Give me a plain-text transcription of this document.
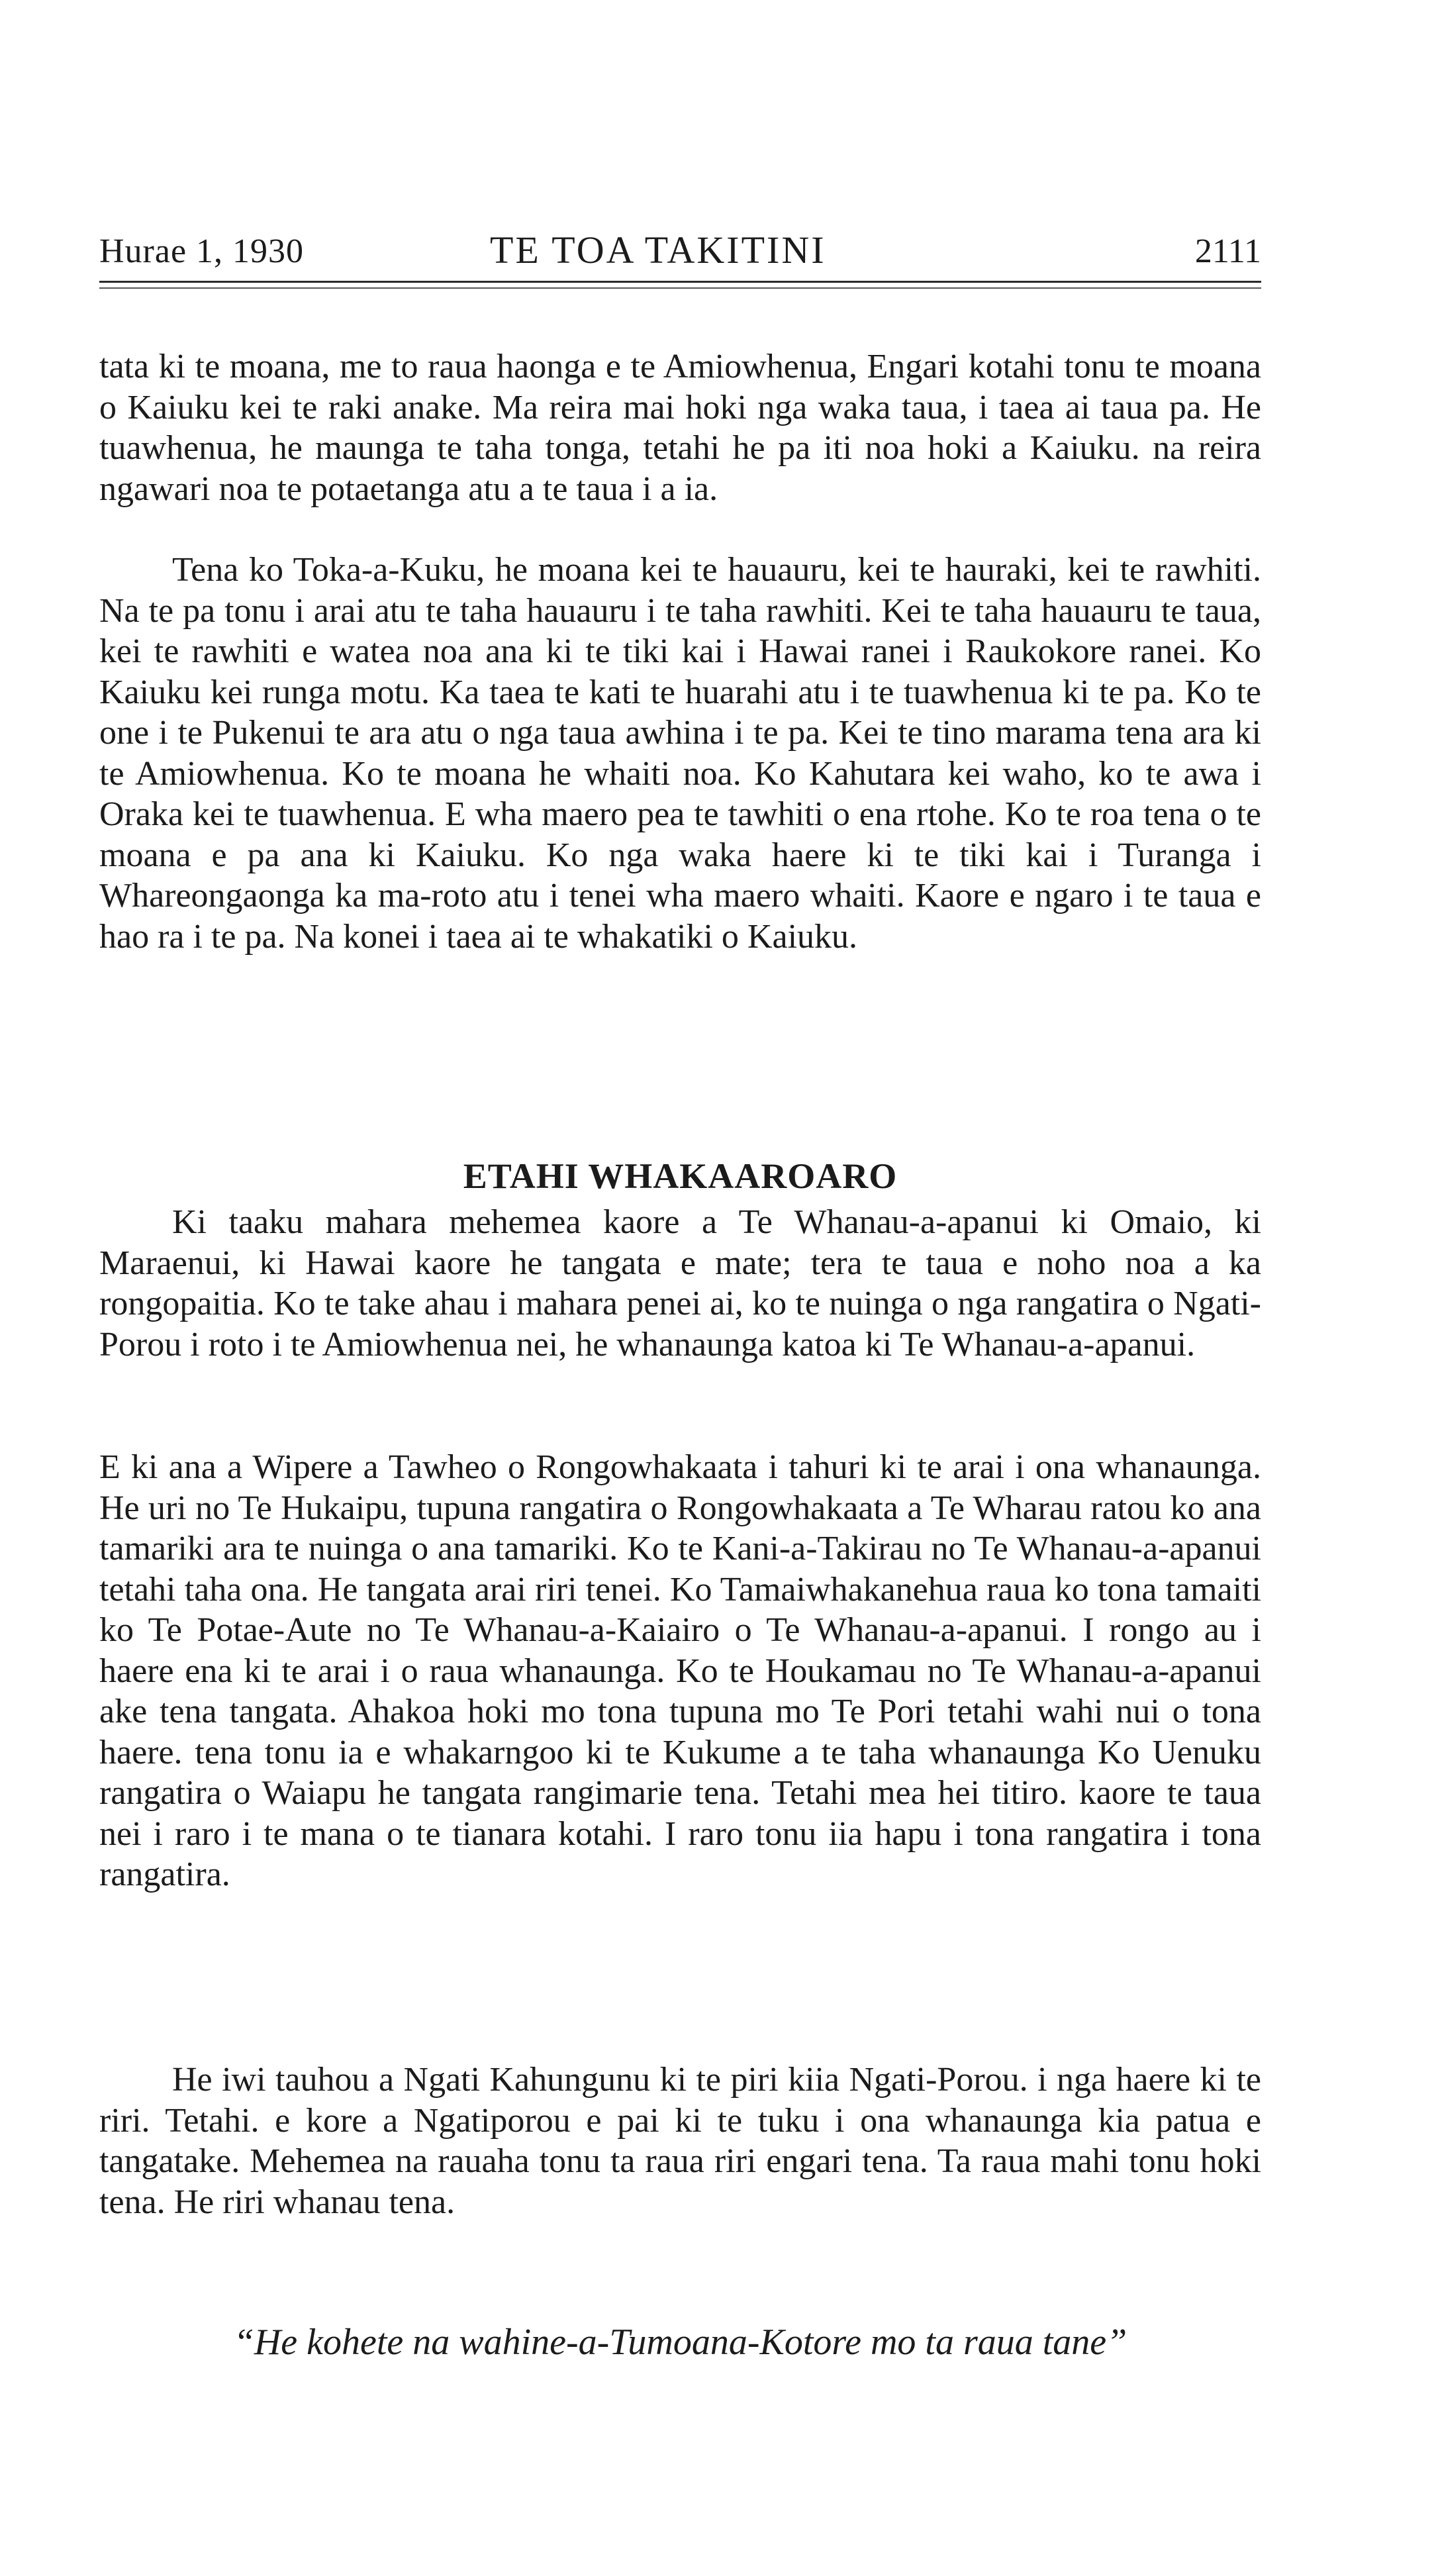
Hurae 1, 1930	TE TOA TAKITINI	2111

tata ki te moana, me to raua haonga e te Amiowhenua, Engari kotahi tonu te moana o Kaiuku kei te raki anake. Ma reira mai hoki nga waka taua, i taea ai taua pa. He tuawhenua, he maunga te taha tonga, tetahi he pa iti noa hoki a Kaiuku. na reira ngawari noa te potaetanga atu a te taua i a ia.

Tena ko Toka-a-Kuku, he moana kei te hauauru, kei te hauraki, kei te rawhiti. Na te pa tonu i arai atu te taha hauauru i te taha rawhiti. Kei te taha hauauru te taua, kei te rawhiti e watea noa ana ki te tiki kai i Hawai ranei i Raukokore ranei. Ko Kaiuku kei runga motu. Ka taea te kati te huarahi atu i te tuawhenua ki te pa. Ko te one i te Pukenui te ara atu o nga taua awhina i te pa. Kei te tino marama tena ara ki te Amiowhenua. Ko te moana he whaiti noa. Ko Kahutara kei waho, ko te awa i Oraka kei te tuawhenua. E wha maero pea te tawhiti o ena rtohe. Ko te roa tena o te moana e pa ana ki Kaiuku. Ko nga waka haere ki te tiki kai i Turanga i Whareongaonga ka ma-roto atu i tenei wha maero whaiti. Kaore e ngaro i te taua e hao ra i te pa. Na konei i taea ai te whakatiki o Kaiuku.

ETAHI WHAKAAROARO

Ki taaku mahara mehemea kaore a Te Whanau-a-apanui ki Omaio, ki Maraenui, ki Hawai kaore he tangata e mate; tera te taua e noho noa a ka rongopaitia. Ko te take ahau i mahara penei ai, ko te nuinga o nga rangatira o Ngati-Porou i roto i te Amiowhenua nei, he whanaunga katoa ki Te Whanau-a-apanui.

E ki ana a Wipere a Tawheo o Rongowhakaata i tahuri ki te arai i ona whanaunga. He uri no Te Hukaipu, tupuna rangatira o Rongowhakaata a Te Wharau ratou ko ana tamariki ara te nuinga o ana tamariki. Ko te Kani-a-Takirau no Te Whanau-a-apanui tetahi taha ona. He tangata arai riri tenei. Ko Tamaiwhakanehua raua ko tona tamaiti ko Te Potae-Aute no Te Whanau-a-Kaiairo o Te Whanau-a-apanui. I rongo au i haere ena ki te arai i o raua whanaunga. Ko te Houkamau no Te Whanau-a-apanui ake tena tangata. Ahakoa hoki mo tona tupuna mo Te Pori tetahi wahi nui o tona haere. tena tonu ia e whakarngoo ki te Kukume a te taha whanaunga Ko Uenuku rangatira o Waiapu he tangata rangimarie tena. Tetahi mea hei titiro. kaore te taua nei i raro i te mana o te tianara kotahi. I raro tonu iia hapu i tona rangatira i tona rangatira.

He iwi tauhou a Ngati Kahungunu ki te piri kiia Ngati-Porou. i nga haere ki te riri. Tetahi. e kore a Ngatiporou e pai ki te tuku i ona whanaunga kia patua e tangatake. Mehemea na rauaha tonu ta raua riri engari tena. Ta raua mahi tonu hoki tena. He riri whanau tena.

“He kohete na wahine-a-Tumoana-Kotore mo ta raua tane”
